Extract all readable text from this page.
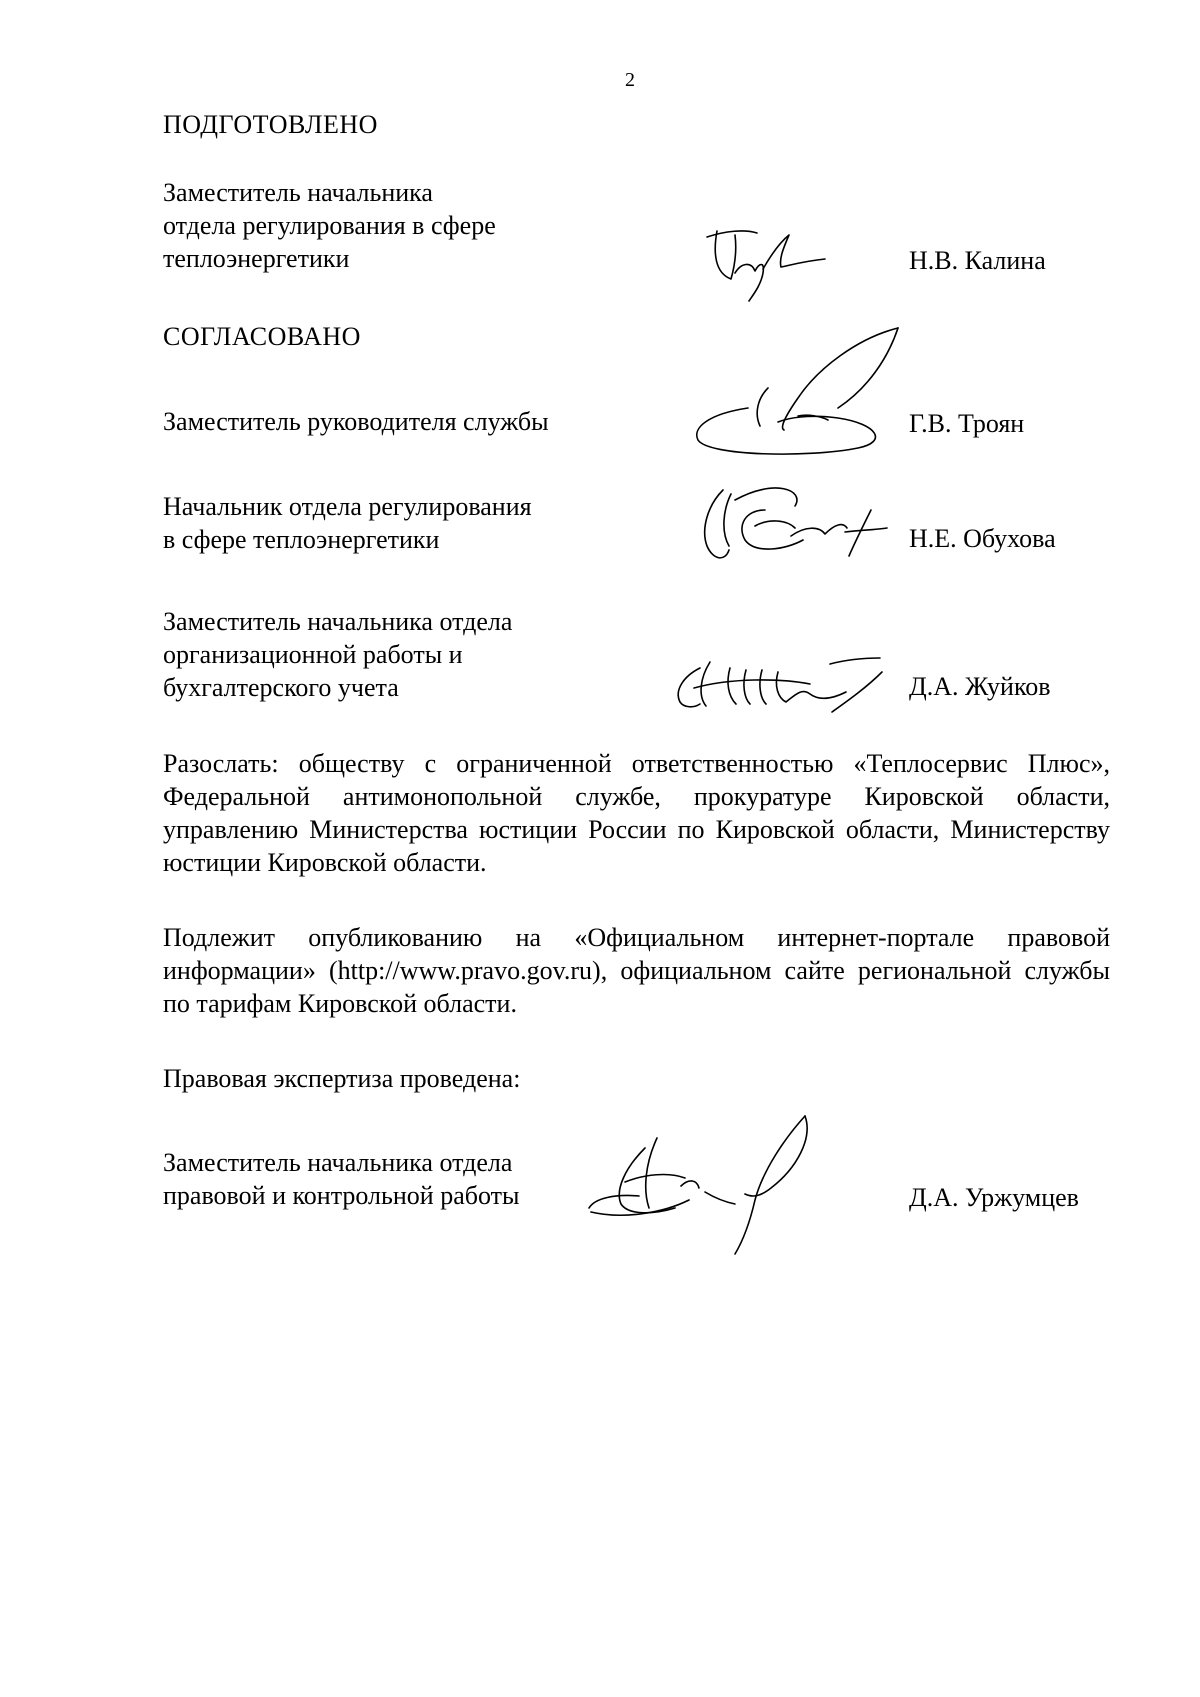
2
ПОДГОТОВЛЕНО
Заместитель начальника
отдела регулирования в сфере
теплоэнергетики	Н.В. Калина
СОГЛАСОВАНО
Заместитель руководителя службы	Г.В. Троян
Начальник отдела регулирования
в сфере теплоэнергетики	Н.Е. Обухова
Заместитель начальника отдела
организационной работы и
бухгалтерского учета	Д.А. Жуйков
Разослать: обществу с ограниченной ответственностью «Теплосервис Плюс», Федеральной антимонопольной службе, прокуратуре Кировской области, управлению Министерства юстиции России по Кировской области, Министерству юстиции Кировской области.
Подлежит опубликованию на «Официальном интернет-портале правовой информации» (http://www.pravo.gov.ru), официальном сайте региональной службы по тарифам Кировской области.
Правовая экспертиза проведена:
Заместитель начальника отдела
правовой и контрольной работы	Д.А. Уржумцев
